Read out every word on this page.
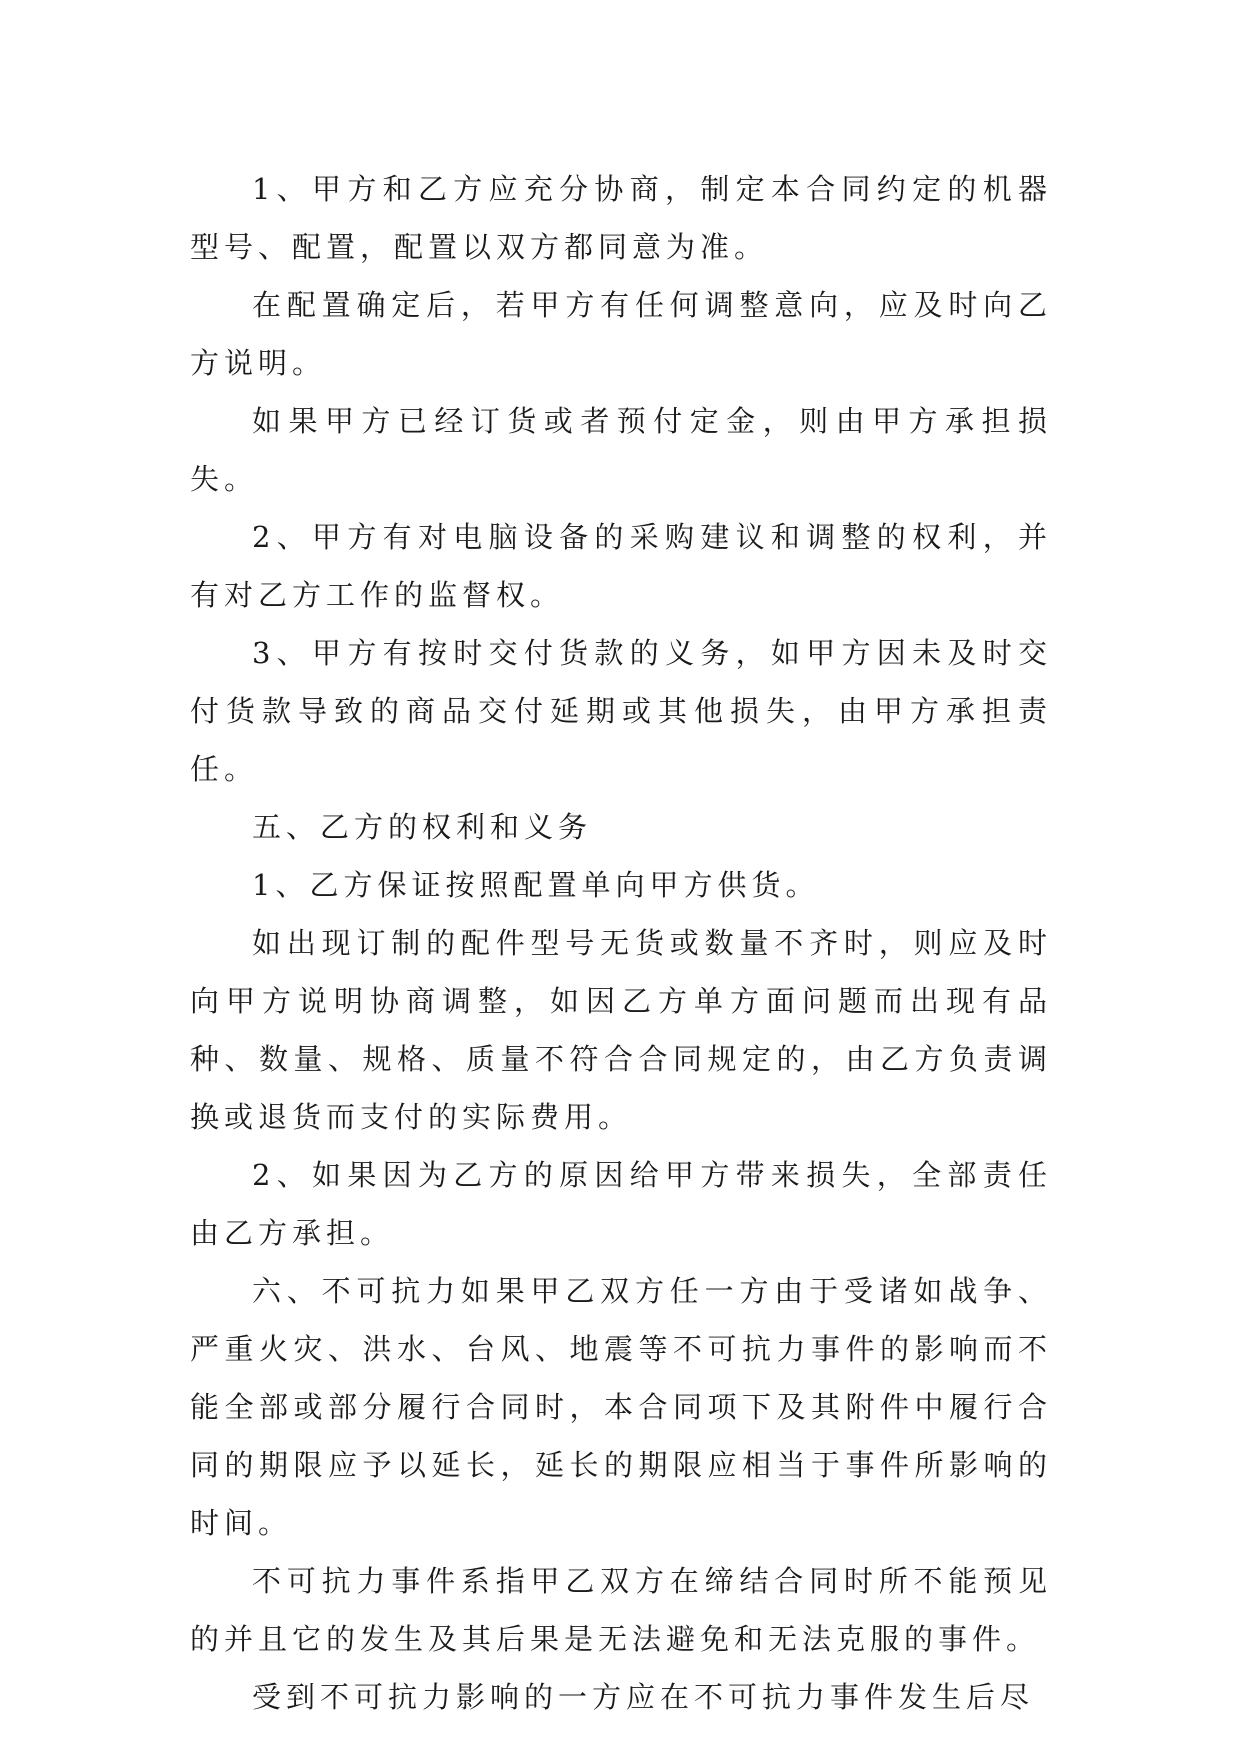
1、甲方和乙方应充分协商，制定本合同约定的机器型号、配置，配置以双方都同意为准。

在配置确定后，若甲方有任何调整意向，应及时向乙方说明。

如果甲方已经订货或者预付定金，则由甲方承担损失。

2、甲方有对电脑设备的采购建议和调整的权利，并有对乙方工作的监督权。

3、甲方有按时交付货款的义务，如甲方因未及时交付货款导致的商品交付延期或其他损失，由甲方承担责任。

五、乙方的权利和义务

1、乙方保证按照配置单向甲方供货。

如出现订制的配件型号无货或数量不齐时，则应及时向甲方说明协商调整，如因乙方单方面问题而出现有品种、数量、规格、质量不符合合同规定的，由乙方负责调换或退货而支付的实际费用。

2、如果因为乙方的原因给甲方带来损失，全部责任由乙方承担。

六、不可抗力如果甲乙双方任一方由于受诸如战争、严重火灾、洪水、台风、地震等不可抗力事件的影响而不能全部或部分履行合同时，本合同项下及其附件中履行合同的期限应予以延长，延长的期限应相当于事件所影响的时间。

不可抗力事件系指甲乙双方在缔结合同时所不能预见的并且它的发生及其后果是无法避免和无法克服的事件。

受到不可抗力影响的一方应在不可抗力事件发生后尽
